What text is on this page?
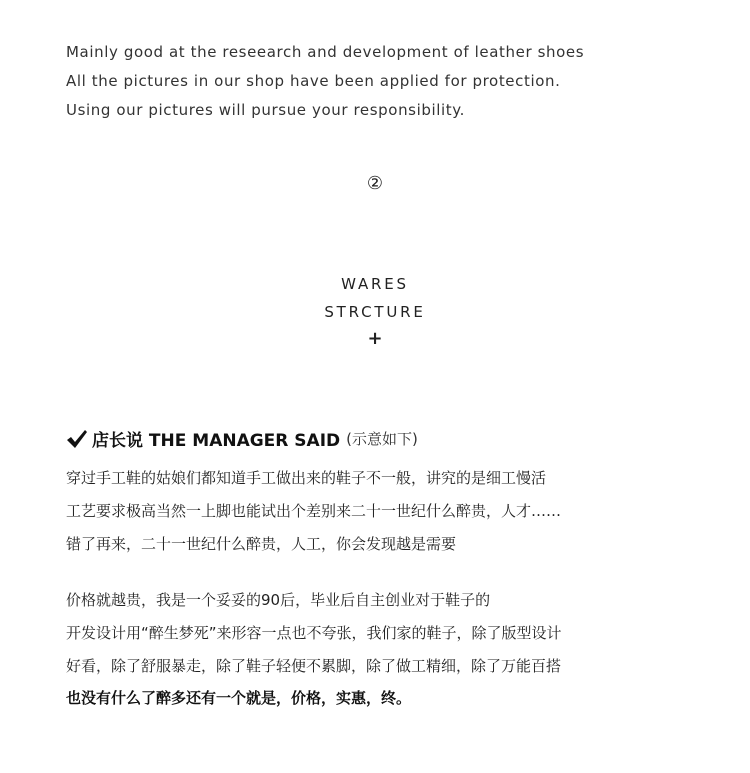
Mainly good at the reseearch and development of leather shoes
All the pictures in our shop have been applied for protection.
Using our pictures will pursue your responsibility.
②
WARES
STRCTURE
+
店长说 THE MANAGER SAID (示意如下)
穿过手工鞋的姑娘们都知道手工做出来的鞋子不一般，讲究的是细工慢活
工艺要求极高当然一上脚也能试出个差别来二十一世纪什么醉贵，人才……
错了再来，二十一世纪什么醉贵，人工，你会发现越是需要
价格就越贵，我是一个妥妥的90后，毕业后自主创业对于鞋子的
开发设计用“醉生梦死”来形容一点也不夸张，我们家的鞋子，除了版型设计
好看，除了舒服暴走，除了鞋子轻便不累脚，除了做工精细，除了万能百搭
也没有什么了醉多还有一个就是，价格，实惠，终。
